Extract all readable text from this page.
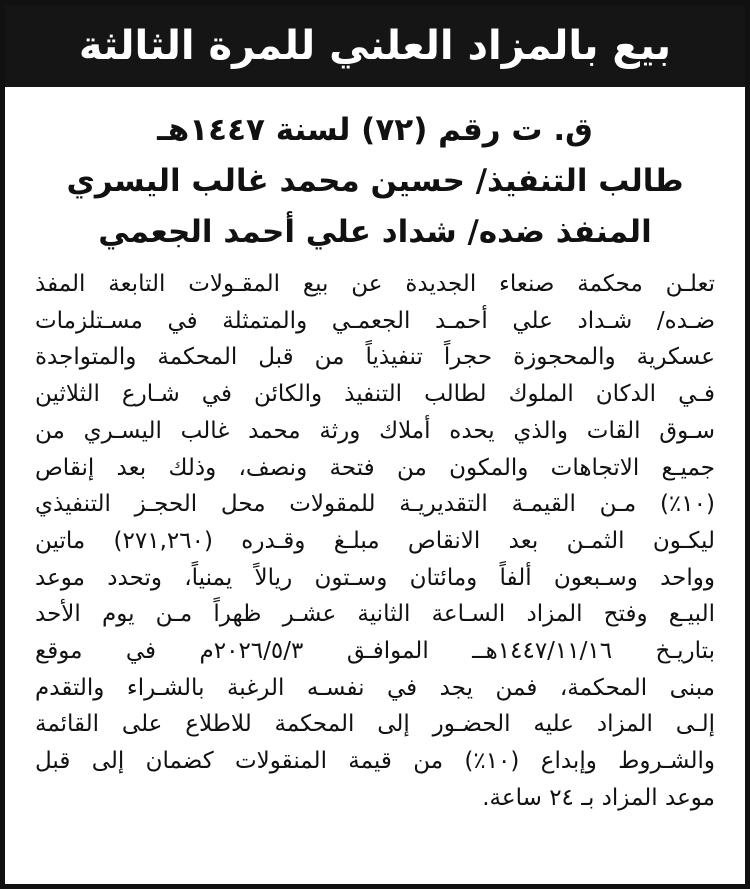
بيع بالمزاد العلني للمرة الثالثة
ق. ت رقم (٧٢) لسنة ١٤٤٧هـ
طالب التنفيذ/ حسين محمد غالب اليسري
المنفذ ضده/ شداد علي أحمد الجعمي

تعلـن محكمة صنعاء الجديدة عن بيع المقـولات التابعة المفذ

ضـده/ شـداد علي أحمـد الجعمـي والمتمثلة في مسـتلزمات

عسكرية والمحجوزة حجراً تنفيذياً من قبل المحكمة والمتواجدة

فـي الدكان الملوك لطالب التنفيذ والكائن في شـارع الثلاثين

سـوق القات والذي يحده أملاك ورثة محمد غالب اليسـري من

جميـع الاتجاهات والمكون من فتحة ونصف، وذلك بعد إنقاص

(١٠٪) مـن القيمـة التقديريـة للمقولات محل الحجـز التنفيذي

ليكـون الثمـن بعد الانقاص مبلـغ وقـدره (٢٧١,٢٦٠) ماتين

وواحد وسـبعون ألفاً ومائتان وسـتون ريالاً يمنياً، وتحدد موعد

البيـع وفتح المزاد السـاعة الثانية عشـر ظهراً مـن يوم الأحد

بتاريـخ ١٤٤٧/١١/١٦هــ الموافـق ٢٠٢٦/٥/٣م في موقع

مبنى المحكمة، فمن يجد في نفسـه الرغبة بالشـراء والتقدم

إلـى المزاد عليه الحضـور إلى المحكمة للاطلاع على القائمة

والشـروط وإبداع (١٠٪) من قيمة المنقولات كضمان إلى قبل

موعد المزاد بـ ٢٤ ساعة.
